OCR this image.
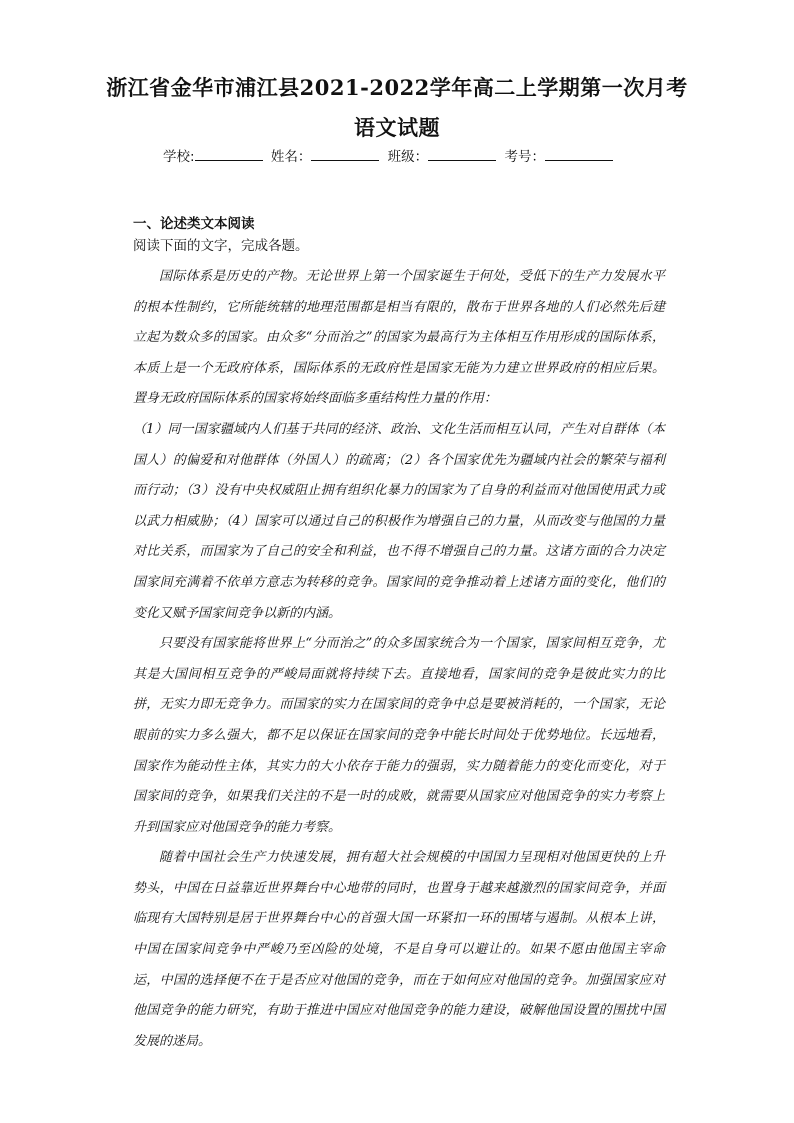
浙江省金华市浦江县2021-2022学年高二上学期第一次月考
语文试题
学校:	姓名：	班级：	考号：
一、论述类文本阅读
阅读下面的文字，完成各题。

国际体系是历史的产物。无论世界上第一个国家诞生于何处，受低下的生产力发展水平的根本性制约，它所能统辖的地理范围都是相当有限的，散布于世界各地的人们必然先后建立起为数众多的国家。由众多“分而治之”的国家为最高行为主体相互作用形成的国际体系，本质上是一个无政府体系，国际体系的无政府性是国家无能为力建立世界政府的相应后果。置身无政府国际体系的国家将始终面临多重结构性力量的作用：

（1）同一国家疆域内人们基于共同的经济、政治、文化生活而相互认同，产生对自群体（本国人）的偏爱和对他群体（外国人）的疏离；（2）各个国家优先为疆域内社会的繁荣与福利而行动；（3）没有中央权威阻止拥有组织化暴力的国家为了自身的利益而对他国使用武力或以武力相威胁；（4）国家可以通过自己的积极作为增强自己的力量，从而改变与他国的力量对比关系，而国家为了自己的安全和利益，也不得不增强自己的力量。这诸方面的合力决定国家间充满着不依单方意志为转移的竞争。国家间的竞争推动着上述诸方面的变化，他们的变化又赋予国家间竞争以新的内涵。

只要没有国家能将世界上“分而治之”的众多国家统合为一个国家，国家间相互竞争，尤其是大国间相互竞争的严峻局面就将持续下去。直接地看，国家间的竞争是彼此实力的比拼，无实力即无竞争力。而国家的实力在国家间的竞争中总是要被消耗的，一个国家，无论眼前的实力多么强大，都不足以保证在国家间的竞争中能长时间处于优势地位。长远地看，国家作为能动性主体，其实力的大小依存于能力的强弱，实力随着能力的变化而变化，对于国家间的竞争，如果我们关注的不是一时的成败，就需要从国家应对他国竞争的实力考察上升到国家应对他国竞争的能力考察。

随着中国社会生产力快速发展，拥有超大社会规模的中国国力呈现相对他国更快的上升势头，中国在日益靠近世界舞台中心地带的同时，也置身于越来越激烈的国家间竞争，并面临现有大国特别是居于世界舞台中心的首强大国一环紧扣一环的围堵与遏制。从根本上讲，中国在国家间竞争中严峻乃至凶险的处境，不是自身可以避让的。如果不愿由他国主宰命运，中国的选择便不在于是否应对他国的竞争，而在于如何应对他国的竞争。加强国家应对他国竞争的能力研究，有助于推进中国应对他国竞争的能力建设，破解他国设置的围扰中国发展的迷局。
